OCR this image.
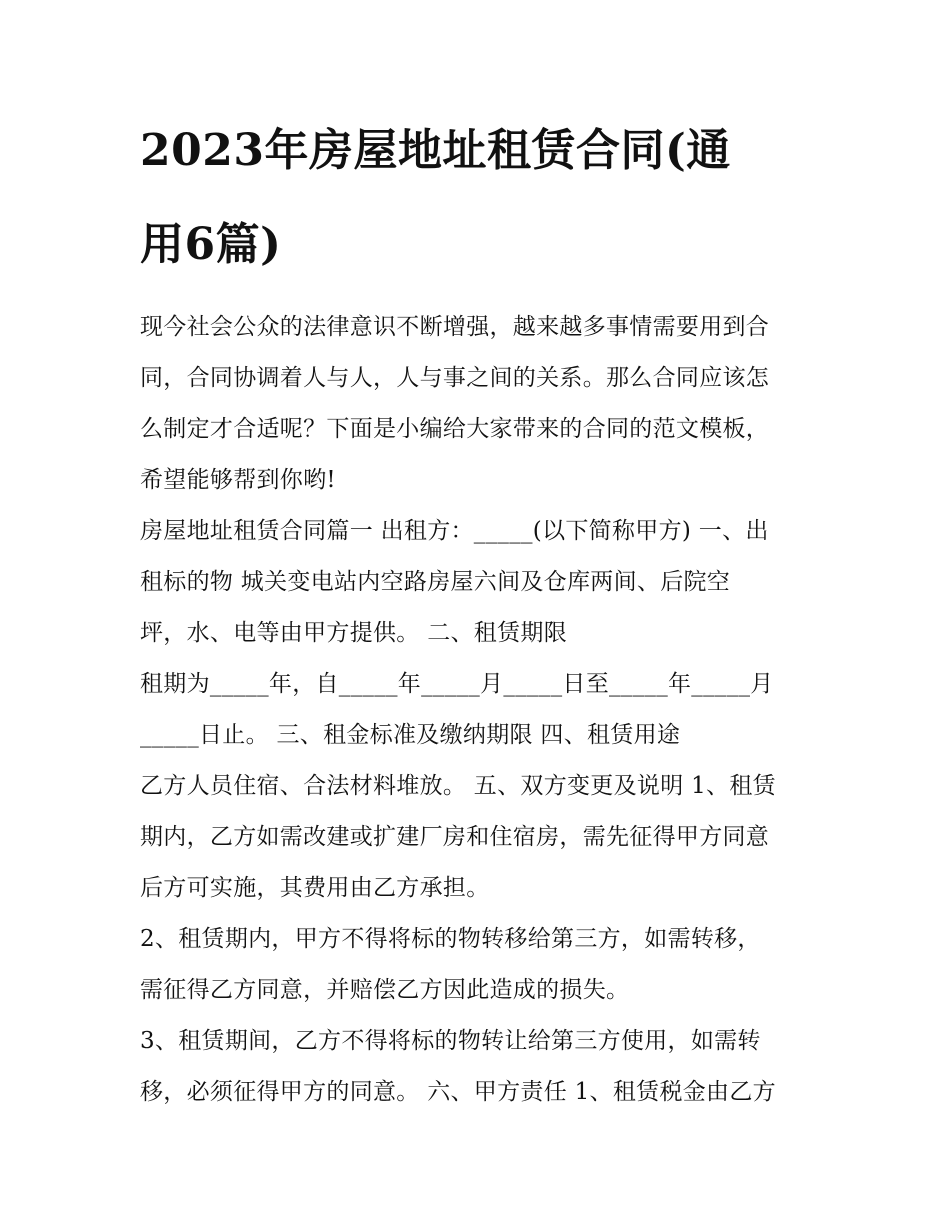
2023年房屋地址租赁合同(通
用6篇)
现今社会公众的法律意识不断增强，越来越多事情需要用到合
同，合同协调着人与人，人与事之间的关系。那么合同应该怎
么制定才合适呢？下面是小编给大家带来的合同的范文模板，
希望能够帮到你哟!
房屋地址租赁合同篇一 出租方：_____(以下简称甲方) 一、出
租标的物 城关变电站内空路房屋六间及仓库两间、后院空
坪，水、电等由甲方提供。 二、租赁期限
租期为_____年，自_____年_____月_____日至_____年_____月
_____日止。 三、租金标准及缴纳期限 四、租赁用途
乙方人员住宿、合法材料堆放。 五、双方变更及说明 1、租赁
期内，乙方如需改建或扩建厂房和住宿房，需先征得甲方同意
后方可实施，其费用由乙方承担。
2、租赁期内，甲方不得将标的物转移给第三方，如需转移，
需征得乙方同意，并赔偿乙方因此造成的损失。
3、租赁期间，乙方不得将标的物转让给第三方使用，如需转
移，必须征得甲方的同意。 六、甲方责任 1、租赁税金由乙方
